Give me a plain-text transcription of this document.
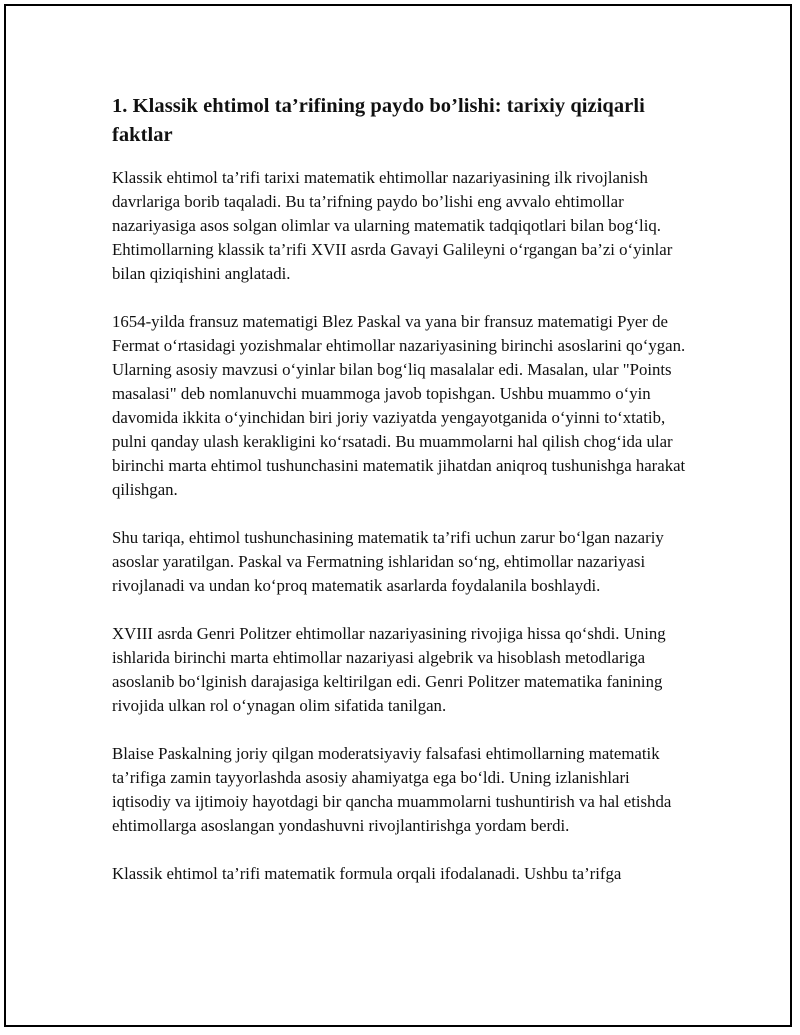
1. Klassik ehtimol ta’rifining paydo bo’lishi: tarixiy qiziqarli faktlar

Klassik ehtimol ta’rifi tarixi matematik ehtimollar nazariyasining ilk rivojlanish davrlariga borib taqaladi. Bu ta’rifning paydo bo’lishi eng avvalo ehtimollar nazariyasiga asos solgan olimlar va ularning matematik tadqiqotlari bilan bog‘liq. Ehtimollarning klassik ta’rifi XVII asrda Gavayi Galileyni o‘rgangan ba’zi o‘yinlar bilan qiziqishini anglatadi.

1654-yilda fransuz matematigi Blez Paskal va yana bir fransuz matematigi Pyer de Fermat o‘rtasidagi yozishmalar ehtimollar nazariyasining birinchi asoslarini qo‘ygan. Ularning asosiy mavzusi o‘yinlar bilan bog‘liq masalalar edi. Masalan, ular "Points masalasi" deb nomlanuvchi muammoga javob topishgan. Ushbu muammo o‘yin davomida ikkita o‘yinchidan biri joriy vaziyatda yengayotganida o‘yinni to‘xtatib, pulni qanday ulash kerakligini ko‘rsatadi. Bu muammolarni hal qilish chog‘ida ular birinchi marta ehtimol tushunchasini matematik jihatdan aniqroq tushunishga harakat qilishgan.

Shu tariqa, ehtimol tushunchasining matematik ta’rifi uchun zarur bo‘lgan nazariy asoslar yaratilgan. Paskal va Fermatning ishlaridan so‘ng, ehtimollar nazariyasi rivojlanadi va undan ko‘proq matematik asarlarda foydalanila boshlaydi.

XVIII asrda Genri Politzer ehtimollar nazariyasining rivojiga hissa qo‘shdi. Uning ishlarida birinchi marta ehtimollar nazariyasi algebrik va hisoblash metodlariga asoslanib bo‘lginish darajasiga keltirilgan edi. Genri Politzer matematika fanining rivojida ulkan rol o‘ynagan olim sifatida tanilgan.

Blaise Paskalning joriy qilgan moderatsiyaviy falsafasi ehtimollarning matematik ta’rifiga zamin tayyorlashda asosiy ahamiyatga ega bo‘ldi. Uning izlanishlari iqtisodiy va ijtimoiy hayotdagi bir qancha muammolarni tushuntirish va hal etishda ehtimollarga asoslangan yondashuvni rivojlantirishga yordam berdi.

Klassik ehtimol ta’rifi matematik formula orqali ifodalanadi. Ushbu ta’rifga
